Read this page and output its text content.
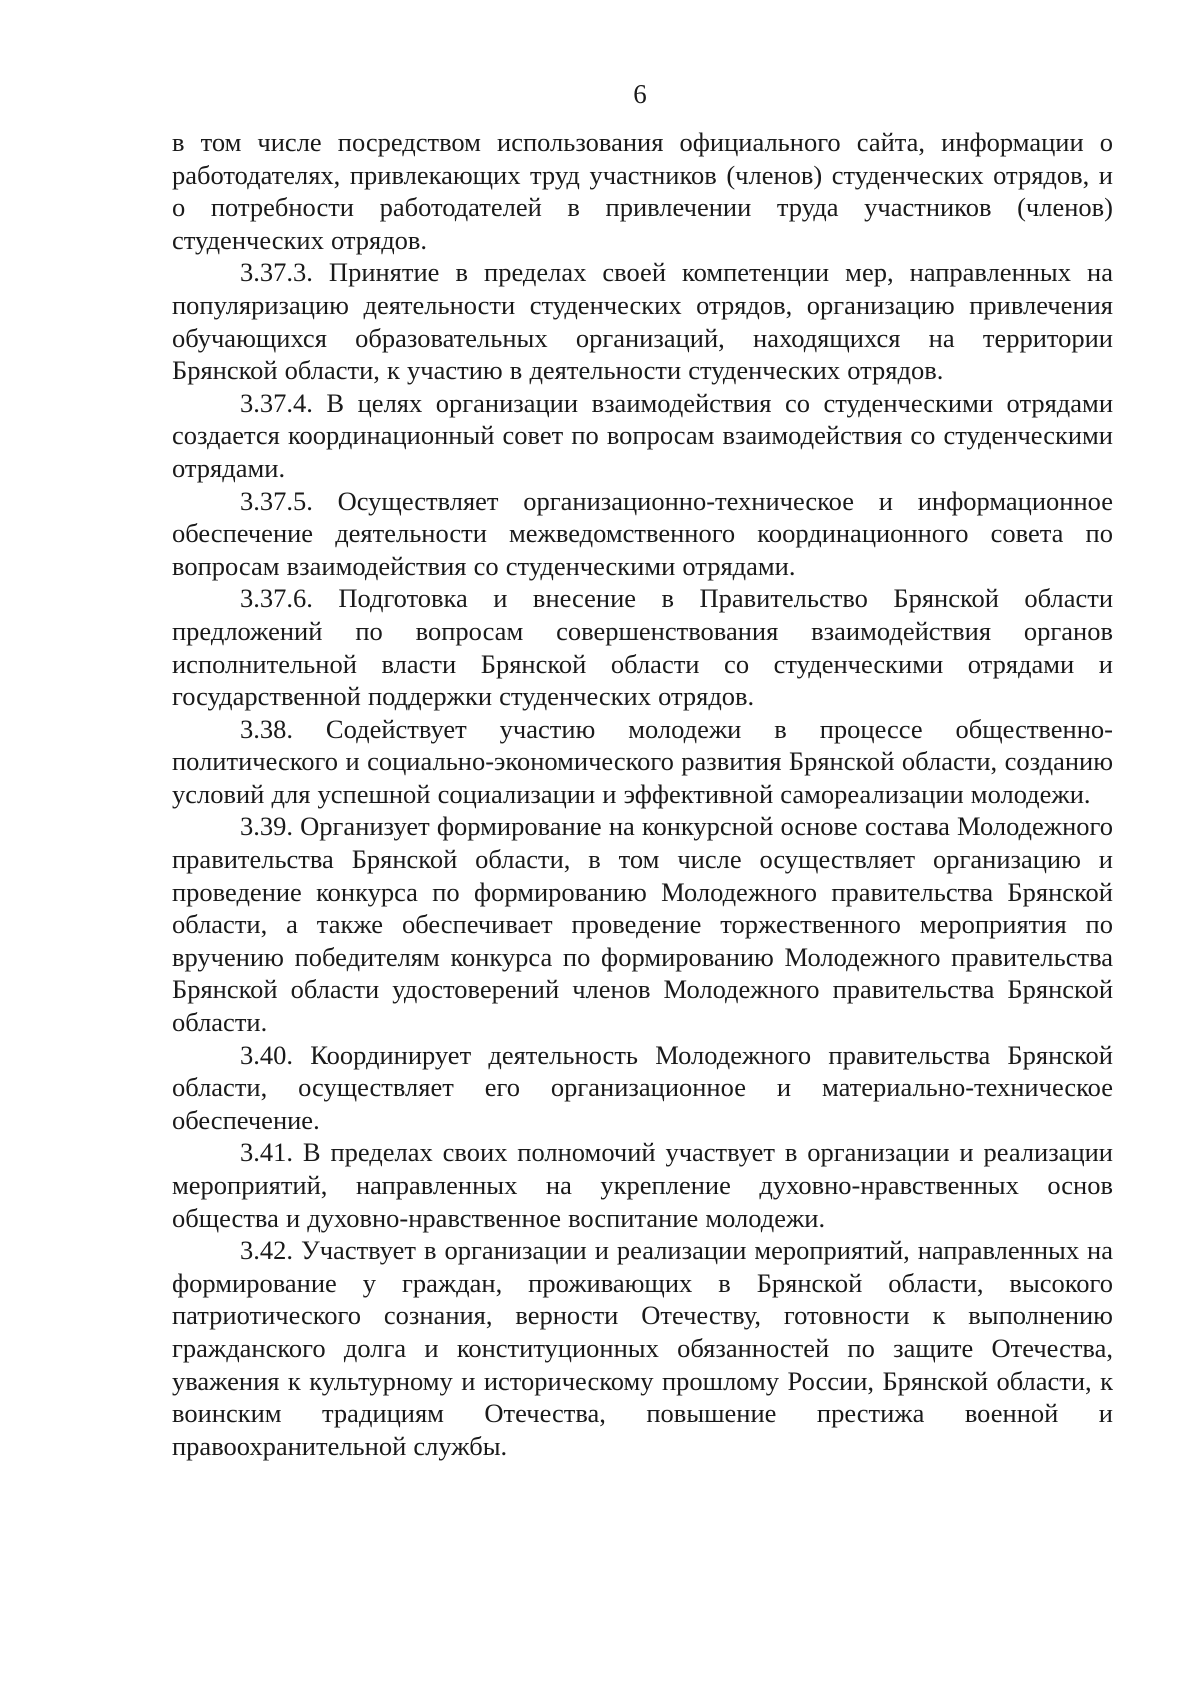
6

в том числе посредством использования официального сайта, информации о работодателях, привлекающих труд участников (членов) студенческих отрядов, и о потребности работодателей в привлечении труда участников (членов) студенческих отрядов.

3.37.3. Принятие в пределах своей компетенции мер, направленных на популяризацию деятельности студенческих отрядов, организацию привлечения обучающихся образовательных организаций, находящихся на территории Брянской области, к участию в деятельности студенческих отрядов.

3.37.4. В целях организации взаимодействия со студенческими отрядами создается координационный совет по вопросам взаимодействия со студенческими отрядами.

3.37.5. Осуществляет организационно-техническое и информационное обеспечение деятельности межведомственного координационного совета по вопросам взаимодействия со студенческими отрядами.

3.37.6. Подготовка и внесение в Правительство Брянской области предложений по вопросам совершенствования взаимодействия органов исполнительной власти Брянской области со студенческими отрядами и государственной поддержки студенческих отрядов.

3.38. Содействует участию молодежи в процессе общественно-политического и социально-экономического развития Брянской области, созданию условий для успешной социализации и эффективной самореализации молодежи.

3.39. Организует формирование на конкурсной основе состава Молодежного правительства Брянской области, в том числе осуществляет организацию и проведение конкурса по формированию Молодежного правительства Брянской области, а также обеспечивает проведение торжественного мероприятия по вручению победителям конкурса по формированию Молодежного правительства Брянской области удостоверений членов Молодежного правительства Брянской области.

3.40. Координирует деятельность Молодежного правительства Брянской области, осуществляет его организационное и материально-техническое обеспечение.

3.41. В пределах своих полномочий участвует в организации и реализации мероприятий, направленных на укрепление духовно-нравственных основ общества и духовно-нравственное воспитание молодежи.

3.42. Участвует в организации и реализации мероприятий, направленных на формирование у граждан, проживающих в Брянской области, высокого патриотического сознания, верности Отечеству, готовности к выполнению гражданского долга и конституционных обязанностей по защите Отечества, уважения к культурному и историческому прошлому России, Брянской области, к воинским традициям Отечества, повышение престижа военной и правоохранительной службы.
